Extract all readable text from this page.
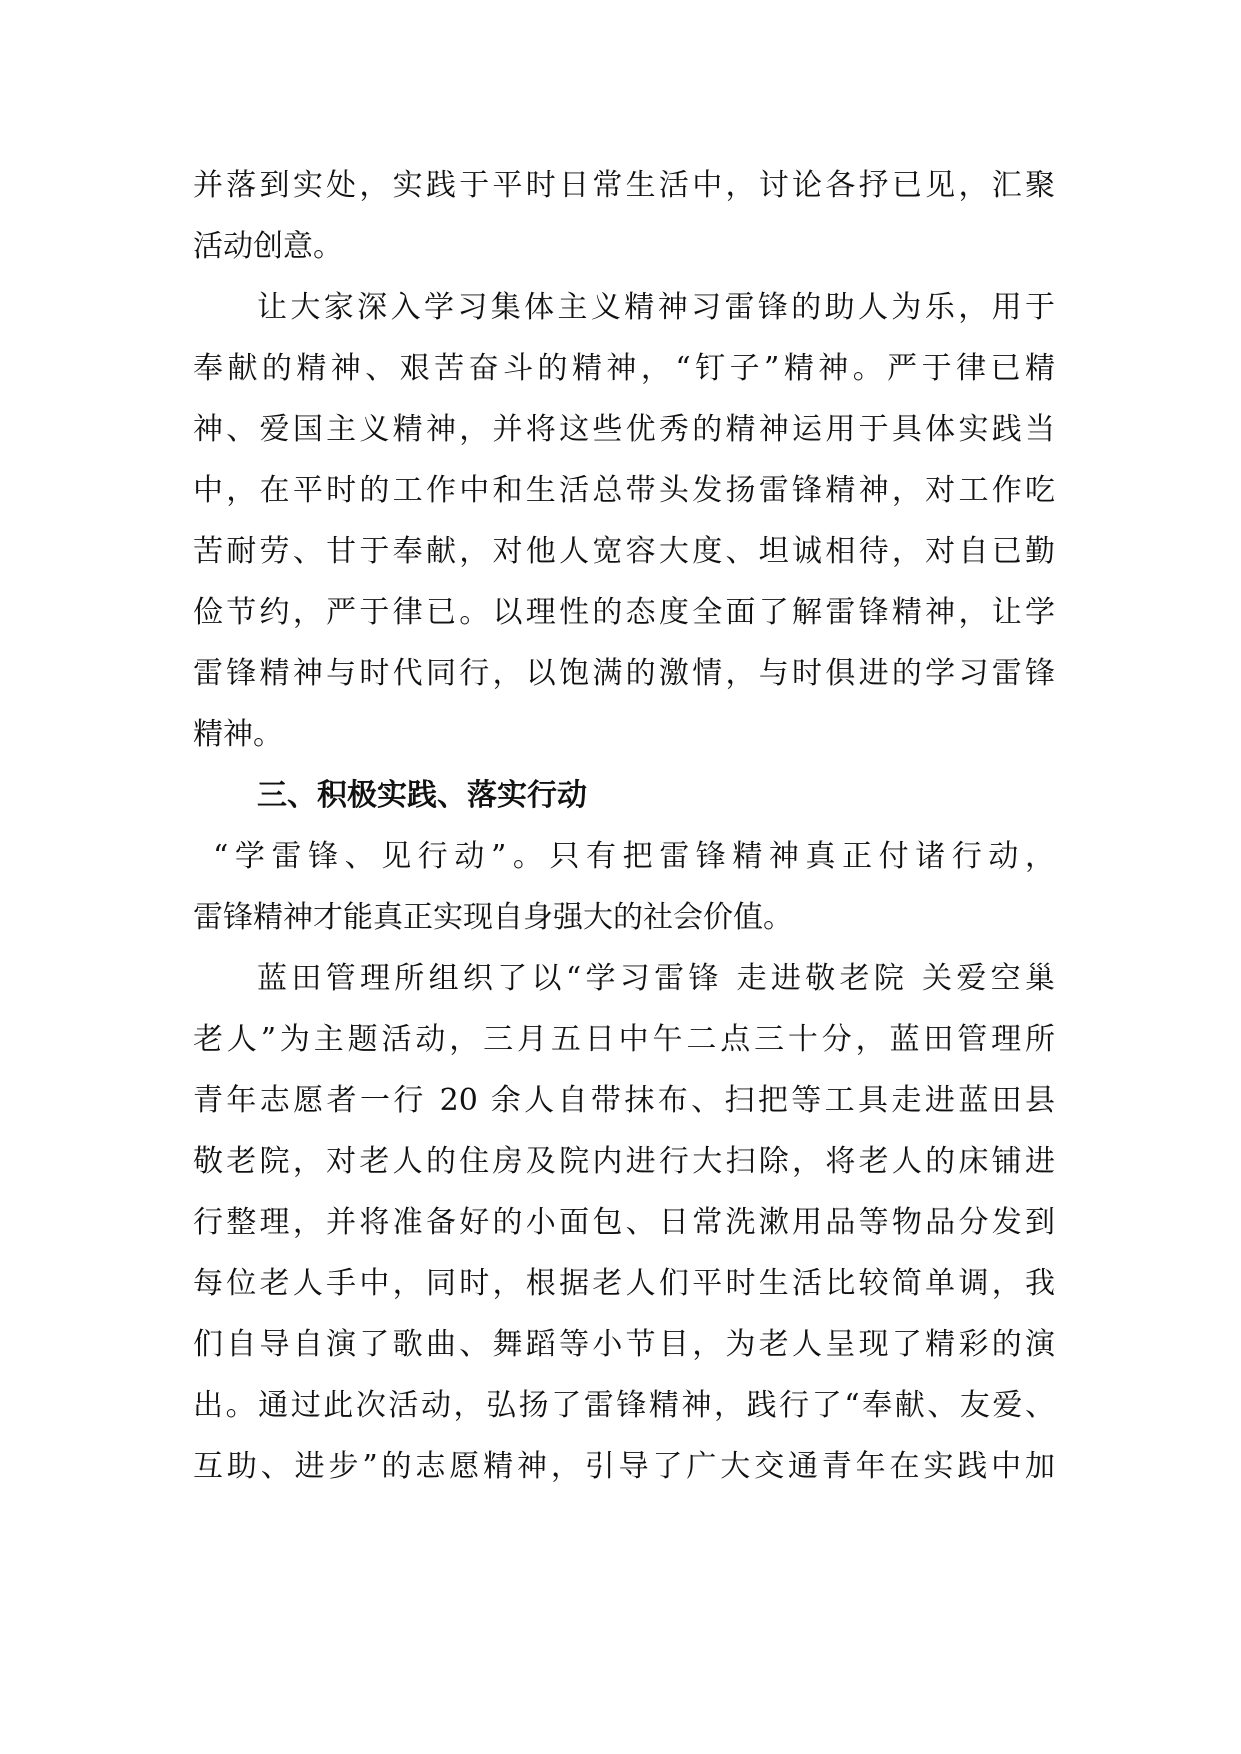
并落到实处，实践于平时日常生活中，讨论各抒已见，汇聚
活动创意。
让大家深入学习集体主义精神习雷锋的助人为乐，用于
奉献的精神、艰苦奋斗的精神，“钉子”精神。严于律已精
神、爱国主义精神，并将这些优秀的精神运用于具体实践当
中，在平时的工作中和生活总带头发扬雷锋精神，对工作吃
苦耐劳、甘于奉献，对他人宽容大度、坦诚相待，对自已勤
俭节约，严于律已。以理性的态度全面了解雷锋精神，让学
雷锋精神与时代同行，以饱满的激情，与时俱进的学习雷锋
精神。
三、积极实践、落实行动
“学雷锋、见行动”。只有把雷锋精神真正付诸行动，
雷锋精神才能真正实现自身强大的社会价值。
蓝田管理所组织了以“学习雷锋 走进敬老院 关爱空巢
老人”为主题活动，三月五日中午二点三十分，蓝田管理所
青年志愿者一行 20 余人自带抹布、扫把等工具走进蓝田县
敬老院，对老人的住房及院内进行大扫除，将老人的床铺进
行整理，并将准备好的小面包、日常洗漱用品等物品分发到
每位老人手中，同时，根据老人们平时生活比较简单调，我
们自导自演了歌曲、舞蹈等小节目，为老人呈现了精彩的演
出。通过此次活动，弘扬了雷锋精神，践行了“奉献、友爱、
互助、进步”的志愿精神，引导了广大交通青年在实践中加
